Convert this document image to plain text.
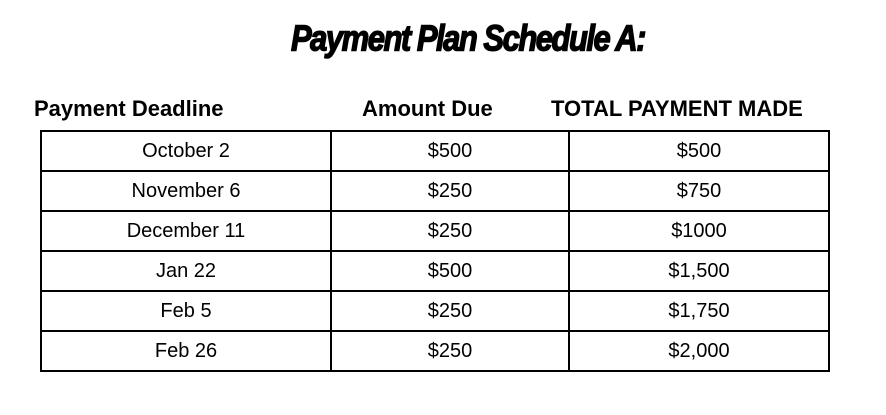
Payment Plan Schedule A:
Payment Deadline	Amount Due	TOTAL PAYMENT MADE
October 2	$500	$500
November 6	$250	$750
December 11	$250	$1000
Jan 22	$500	$1,500
Feb 5	$250	$1,750
Feb 26	$250	$2,000
